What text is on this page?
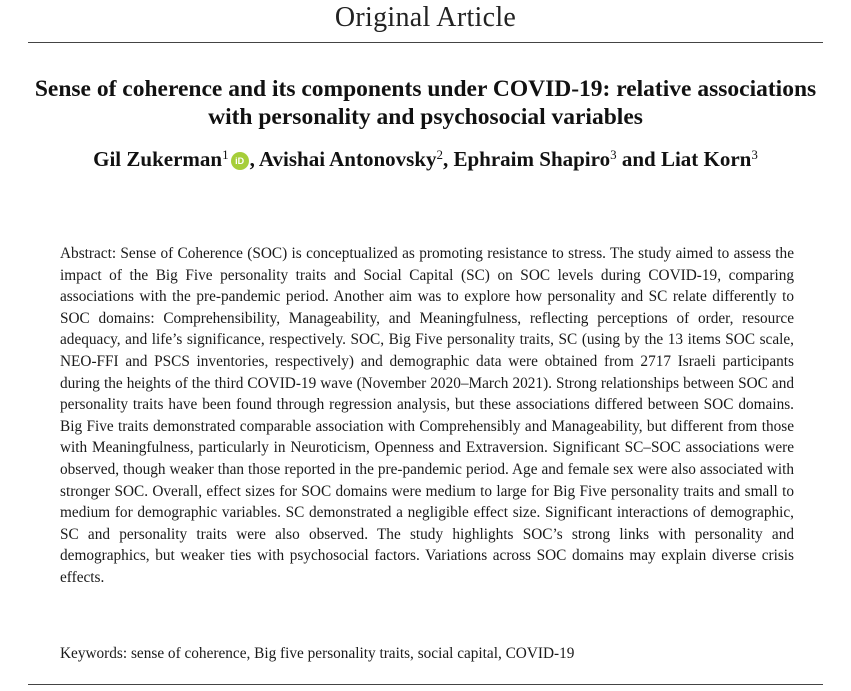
Original Article
Sense of coherence and its components under COVID-19: relative associations with personality and psychosocial variables
Gil Zukerman$^1$ iD , Avishai Antonovsky$^2$, Ephraim Shapiro$^3$ and Liat Korn$^3$
Abstract: Sense of Coherence (SOC) is conceptualized as promoting resistance to stress. The study aimed to assess the impact of the Big Five personality traits and Social Capital (SC) on SOC levels during COVID-19, comparing associations with the pre-pandemic period. Another aim was to explore how personality and SC relate differently to SOC domains: Comprehensibility, Manageability, and Meaningfulness, reflecting perceptions of order, resource adequacy, and life’s significance, respectively. SOC, Big Five personality traits, SC (using by the 13 items SOC scale, NEO-FFI and PSCS inventories, respectively) and demographic data were obtained from 2717 Israeli participants during the heights of the third COVID-19 wave (November 2020–March 2021). Strong relationships between SOC and personality traits have been found through regression analysis, but these associations differed between SOC domains. Big Five traits demonstrated comparable association with Comprehensibly and Manageability, but different from those with Meaningfulness, particularly in Neuroticism, Openness and Extraversion. Significant SC–SOC associations were observed, though weaker than those reported in the pre-pandemic period. Age and female sex were also associated with stronger SOC. Overall, effect sizes for SOC domains were medium to large for Big Five personality traits and small to medium for demographic variables. SC demonstrated a negligible effect size. Significant interactions of demographic, SC and personality traits were also observed. The study highlights SOC’s strong links with personality and demographics, but weaker ties with psychosocial factors. Variations across SOC domains may explain diverse crisis effects.
Keywords: sense of coherence, Big five personality traits, social capital, COVID-19
